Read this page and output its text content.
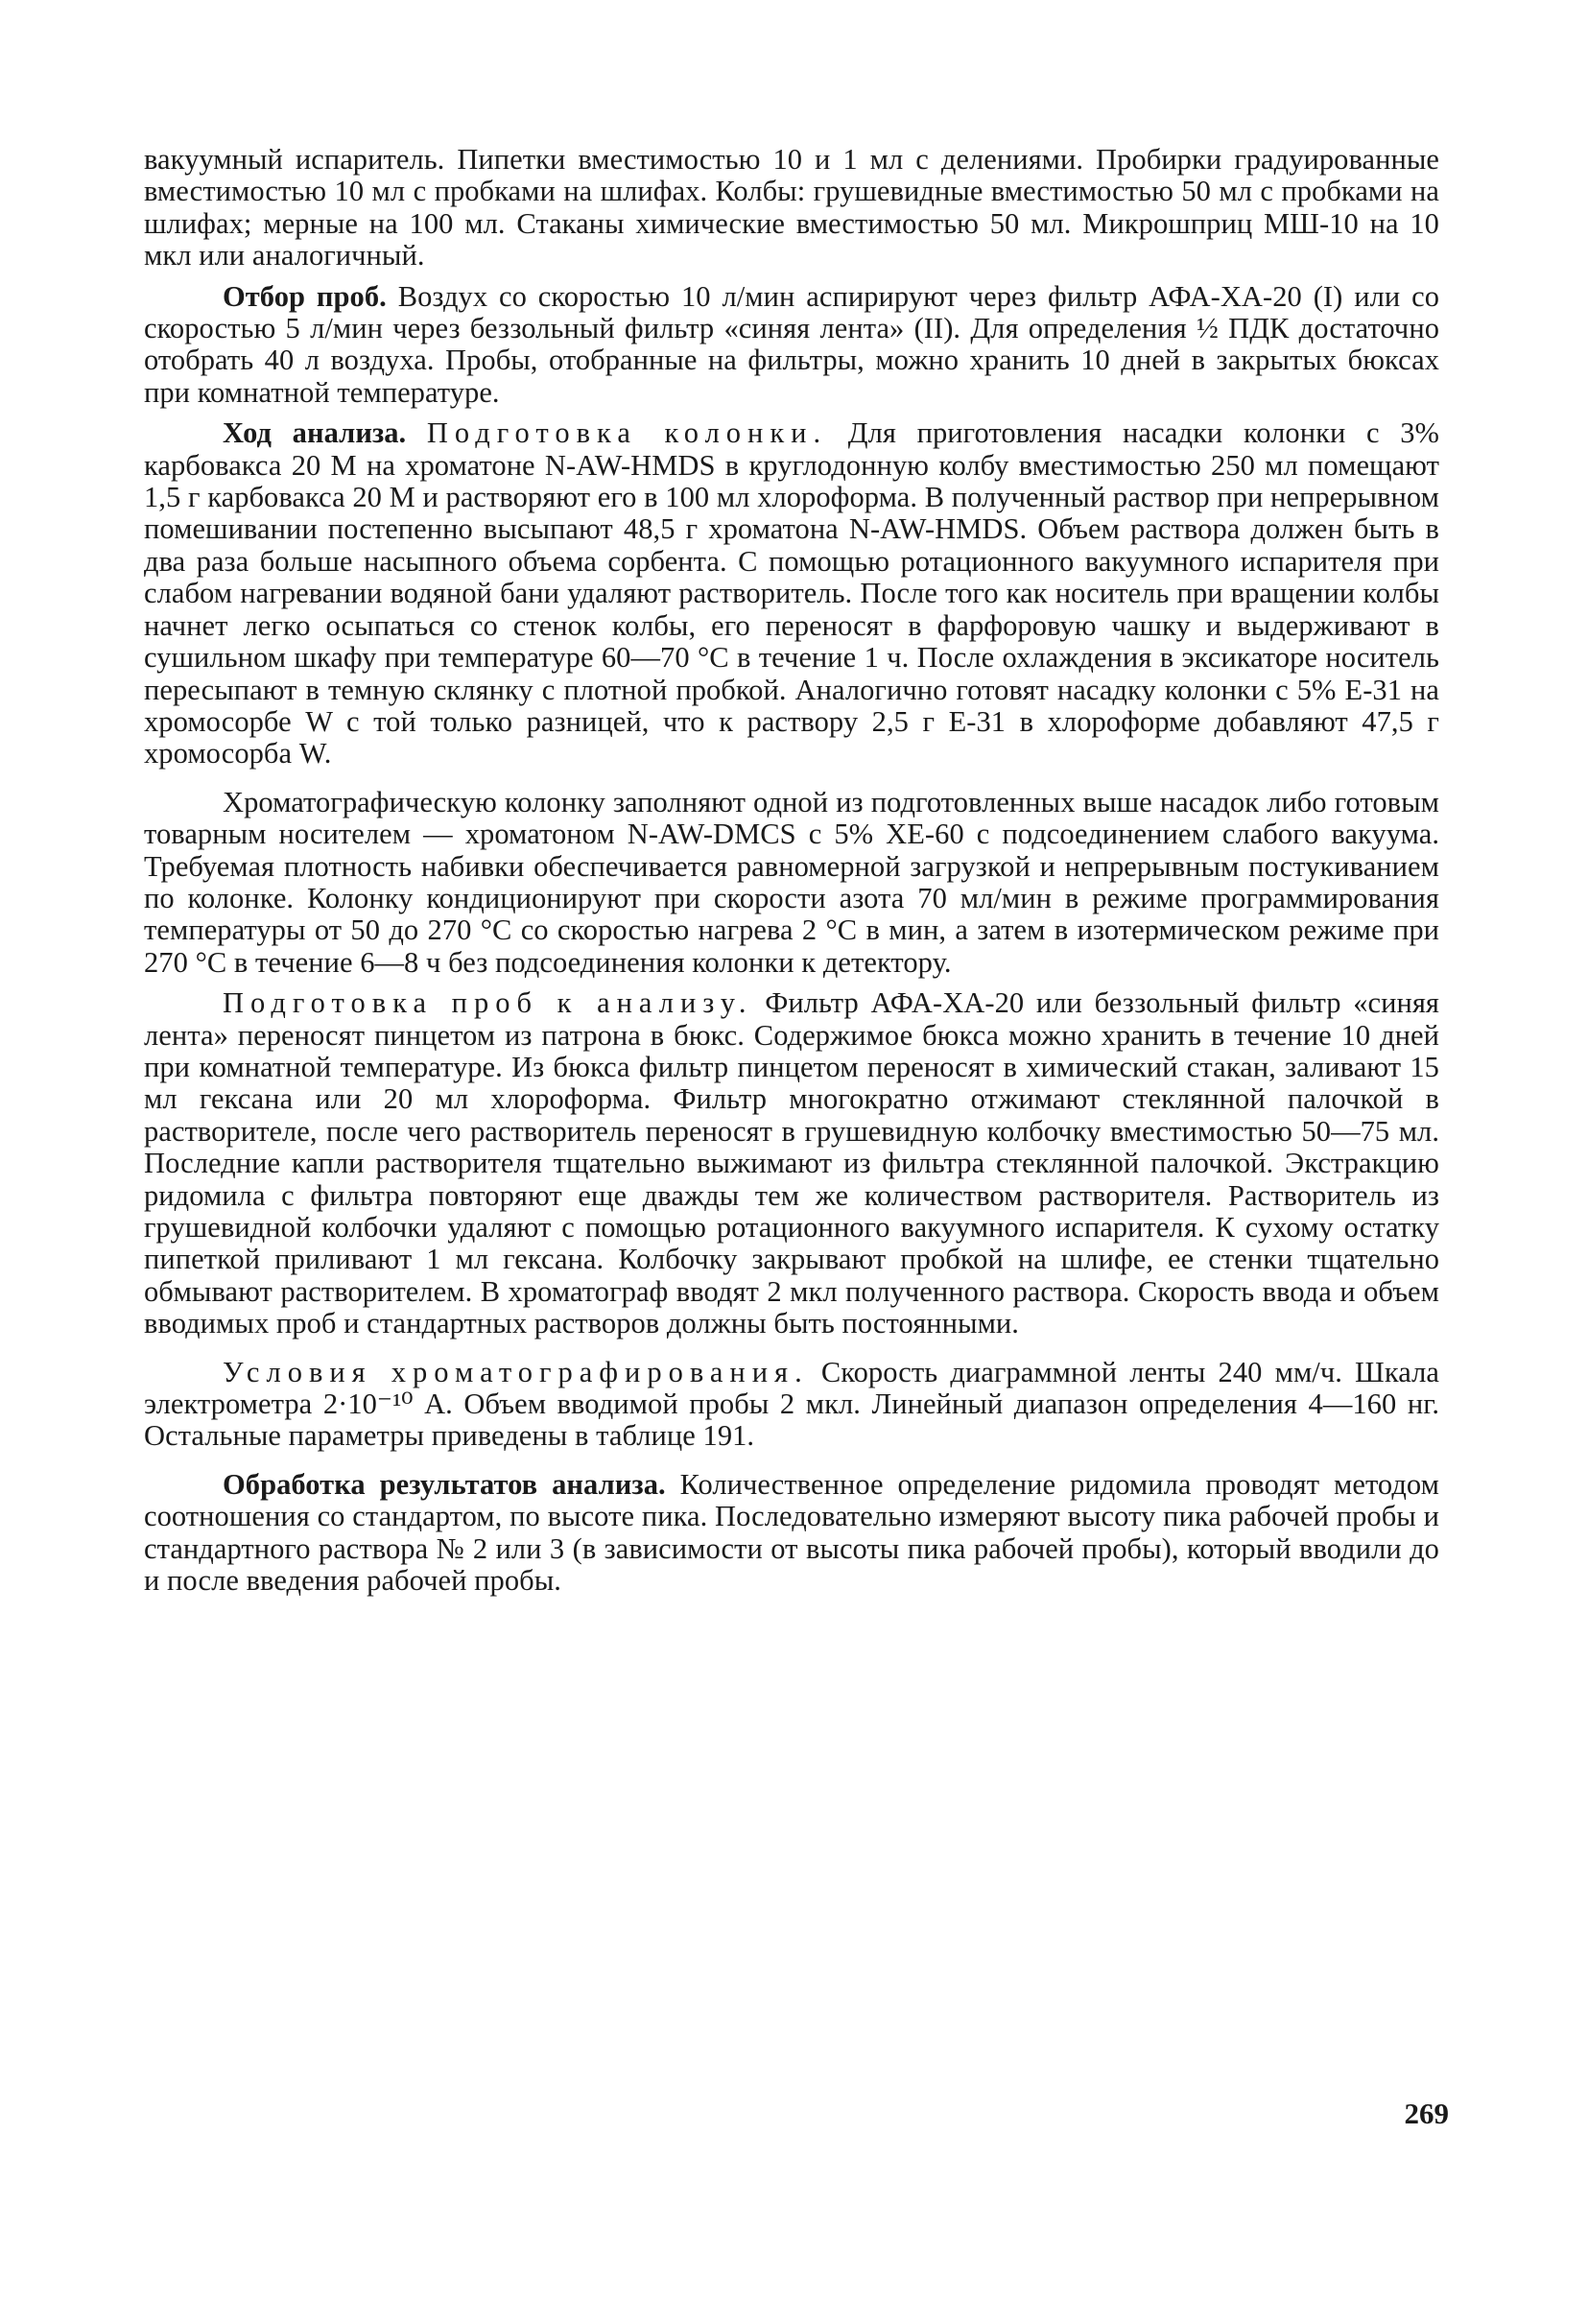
вакуумный испаритель. Пипетки вместимостью 10 и 1 мл с делениями. Пробирки градуированные вместимостью 10 мл с пробками на шлифах. Колбы: грушевидные вместимостью 50 мл с пробками на шлифах; мерные на 100 мл. Стаканы химические вместимостью 50 мл. Микрошприц МШ-10 на 10 мкл или аналогичный.

Отбор проб. Воздух со скоростью 10 л/мин аспирируют через фильтр АФА-ХА-20 (I) или со скоростью 5 л/мин через беззольный фильтр «синяя лента» (II). Для определения ½ ПДК достаточно отобрать 40 л воздуха. Пробы, отобранные на фильтры, можно хранить 10 дней в закрытых бюксах при комнатной температуре.

Ход анализа. Подготовка колонки. Для приготовления насадки колонки с 3% карбовакса 20 М на хроматоне N-AW-HMDS в круглодонную колбу вместимостью 250 мл помещают 1,5 г карбовакса 20 М и растворяют его в 100 мл хлороформа. В полученный раствор при непрерывном помешивании постепенно высыпают 48,5 г хроматона N-AW-HMDS. Объем раствора должен быть в два раза больше насыпного объема сорбента. С помощью ротационного вакуумного испарителя при слабом нагревании водяной бани удаляют растворитель. После того как носитель при вращении колбы начнет легко осыпаться со стенок колбы, его переносят в фарфоровую чашку и выдерживают в сушильном шкафу при температуре 60—70 °С в течение 1 ч. После охлаждения в эксикаторе носитель пересыпают в темную склянку с плотной пробкой. Аналогично готовят насадку колонки с 5% Е-31 на хромосорбе W с той только разницей, что к раствору 2,5 г Е-31 в хлороформе добавляют 47,5 г хромосорба W.

Хроматографическую колонку заполняют одной из подготовленных выше насадок либо готовым товарным носителем — хроматоном N-AW-DMCS с 5% ХЕ-60 с подсоединением слабого вакуума. Требуемая плотность набивки обеспечивается равномерной загрузкой и непрерывным постукиванием по колонке. Колонку кондиционируют при скорости азота 70 мл/мин в режиме программирования температуры от 50 до 270 °С со скоростью нагрева 2 °С в мин, а затем в изотермическом режиме при 270 °С в течение 6—8 ч без подсоединения колонки к детектору.

Подготовка проб к анализу. Фильтр АФА-ХА-20 или беззольный фильтр «синяя лента» переносят пинцетом из патрона в бюкс. Содержимое бюкса можно хранить в течение 10 дней при комнатной температуре. Из бюкса фильтр пинцетом переносят в химический стакан, заливают 15 мл гексана или 20 мл хлороформа. Фильтр многократно отжимают стеклянной палочкой в растворителе, после чего растворитель переносят в грушевидную колбочку вместимостью 50—75 мл. Последние капли растворителя тщательно выжимают из фильтра стеклянной палочкой. Экстракцию ридомила с фильтра повторяют еще дважды тем же количеством растворителя. Растворитель из грушевидной колбочки удаляют с помощью ротационного вакуумного испарителя. К сухому остатку пипеткой приливают 1 мл гексана. Колбочку закрывают пробкой на шлифе, ее стенки тщательно обмывают растворителем. В хроматограф вводят 2 мкл полученного раствора. Скорость ввода и объем вводимых проб и стандартных растворов должны быть постоянными.

Условия хроматографирования. Скорость диаграммной ленты 240 мм/ч. Шкала электрометра 2·10⁻¹⁰ А. Объем вводимой пробы 2 мкл. Линейный диапазон определения 4—160 нг. Остальные параметры приведены в таблице 191.

Обработка результатов анализа. Количественное определение ридомила проводят методом соотношения со стандартом, по высоте пика. Последовательно измеряют высоту пика рабочей пробы и стандартного раствора № 2 или 3 (в зависимости от высоты пика рабочей пробы), который вводили до и после введения рабочей пробы.

269
